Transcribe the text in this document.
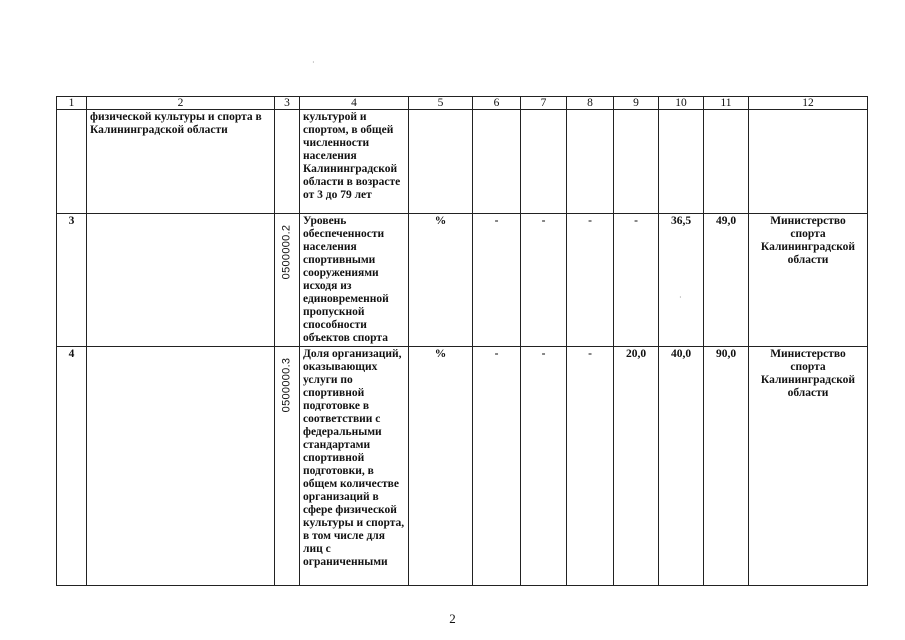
1	2	3	4	5	6	7	8	9	10	11	12
	физической культуры и спорта в Калининградской области		культурой и спортом, в общей численности населения Калининградской области в возрасте от 3 до 79 лет								
3		0500000.2	Уровень обеспеченности населения спортивными сооружениями исходя из единовременной пропускной способности объектов спорта	%	-	-	-	-	36,5	49,0	Министерство спорта Калининградской области
4		0500000.3	Доля организаций, оказывающих услуги по спортивной подготовке в соответствии с федеральными стандартами спортивной подготовки, в общем количестве организаций в сфере физической культуры и спорта, в том числе для лиц с ограниченными	%	-	-	-	20,0	40,0	90,0	Министерство спорта Калининградской области
·
·
2
